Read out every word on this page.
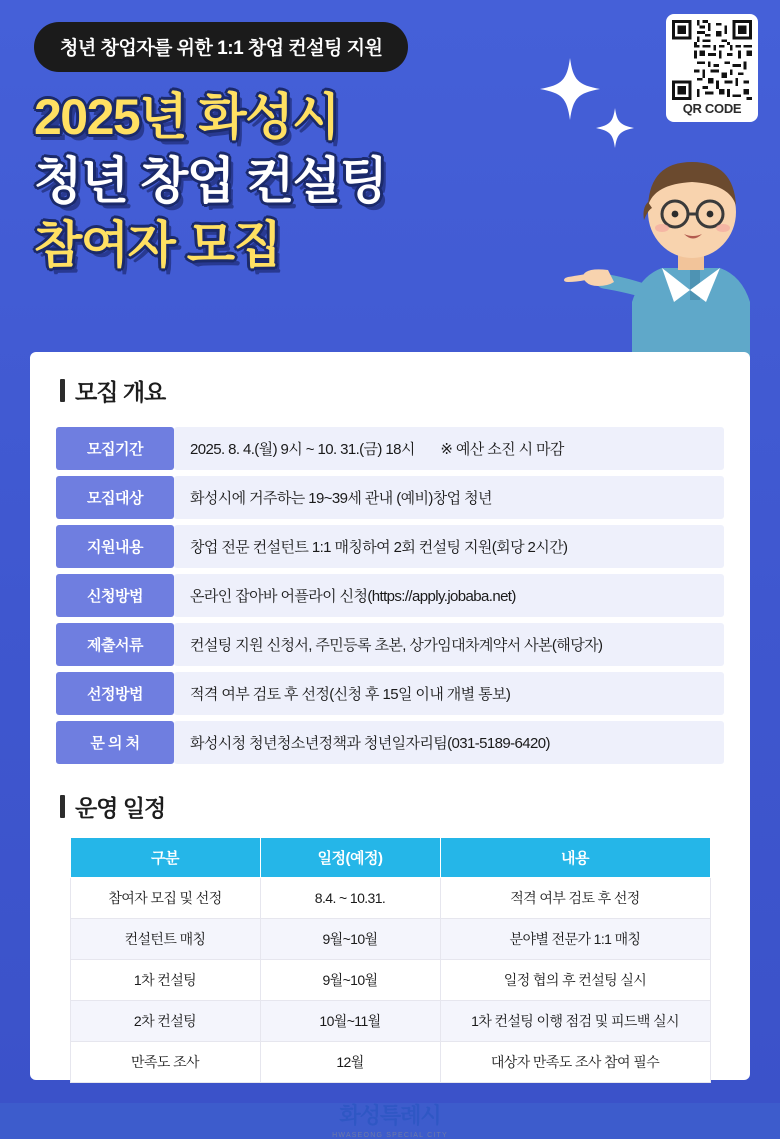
QR CODE
청년 창업자를 위한 1:1 창업 컨설팅 지원
2025년 화성시
청년 창업 컨설팅
참여자 모집
모집 개요
모집기간	2025. 8. 4.(월) 9시 ~ 10. 31.(금) 18시 ※ 예산 소진 시 마감
모집대상	화성시에 거주하는 19~39세 관내 (예비)창업 청년
지원내용	창업 전문 컨설턴트 1:1 매칭하여 2회 컨설팅 지원(회당 2시간)
신청방법	온라인 잡아바 어플라이 신청(https://apply.jobaba.net)
제출서류	컨설팅 지원 신청서, 주민등록 초본, 상가임대차계약서 사본(해당자)
선정방법	적격 여부 검토 후 선정(신청 후 15일 이내 개별 통보)
문 의 처	화성시청 청년청소년정책과 청년일자리팀(031-5189-6420)
운영 일정
구분	일정(예정)	내용
참여자 모집 및 선정	8.4. ~ 10.31.	적격 여부 검토 후 선정
컨설턴트 매칭	9월~10월	분야별 전문가 1:1 매칭
1차 컨설팅	9월~10월	일정 협의 후 컨설팅 실시
2차 컨설팅	10월~11월	1차 컨설팅 이행 점검 및 피드백 실시
만족도 조사	12월	대상자 만족도 조사 참여 필수
화성특례시
HWASEONG SPECIAL CITY
